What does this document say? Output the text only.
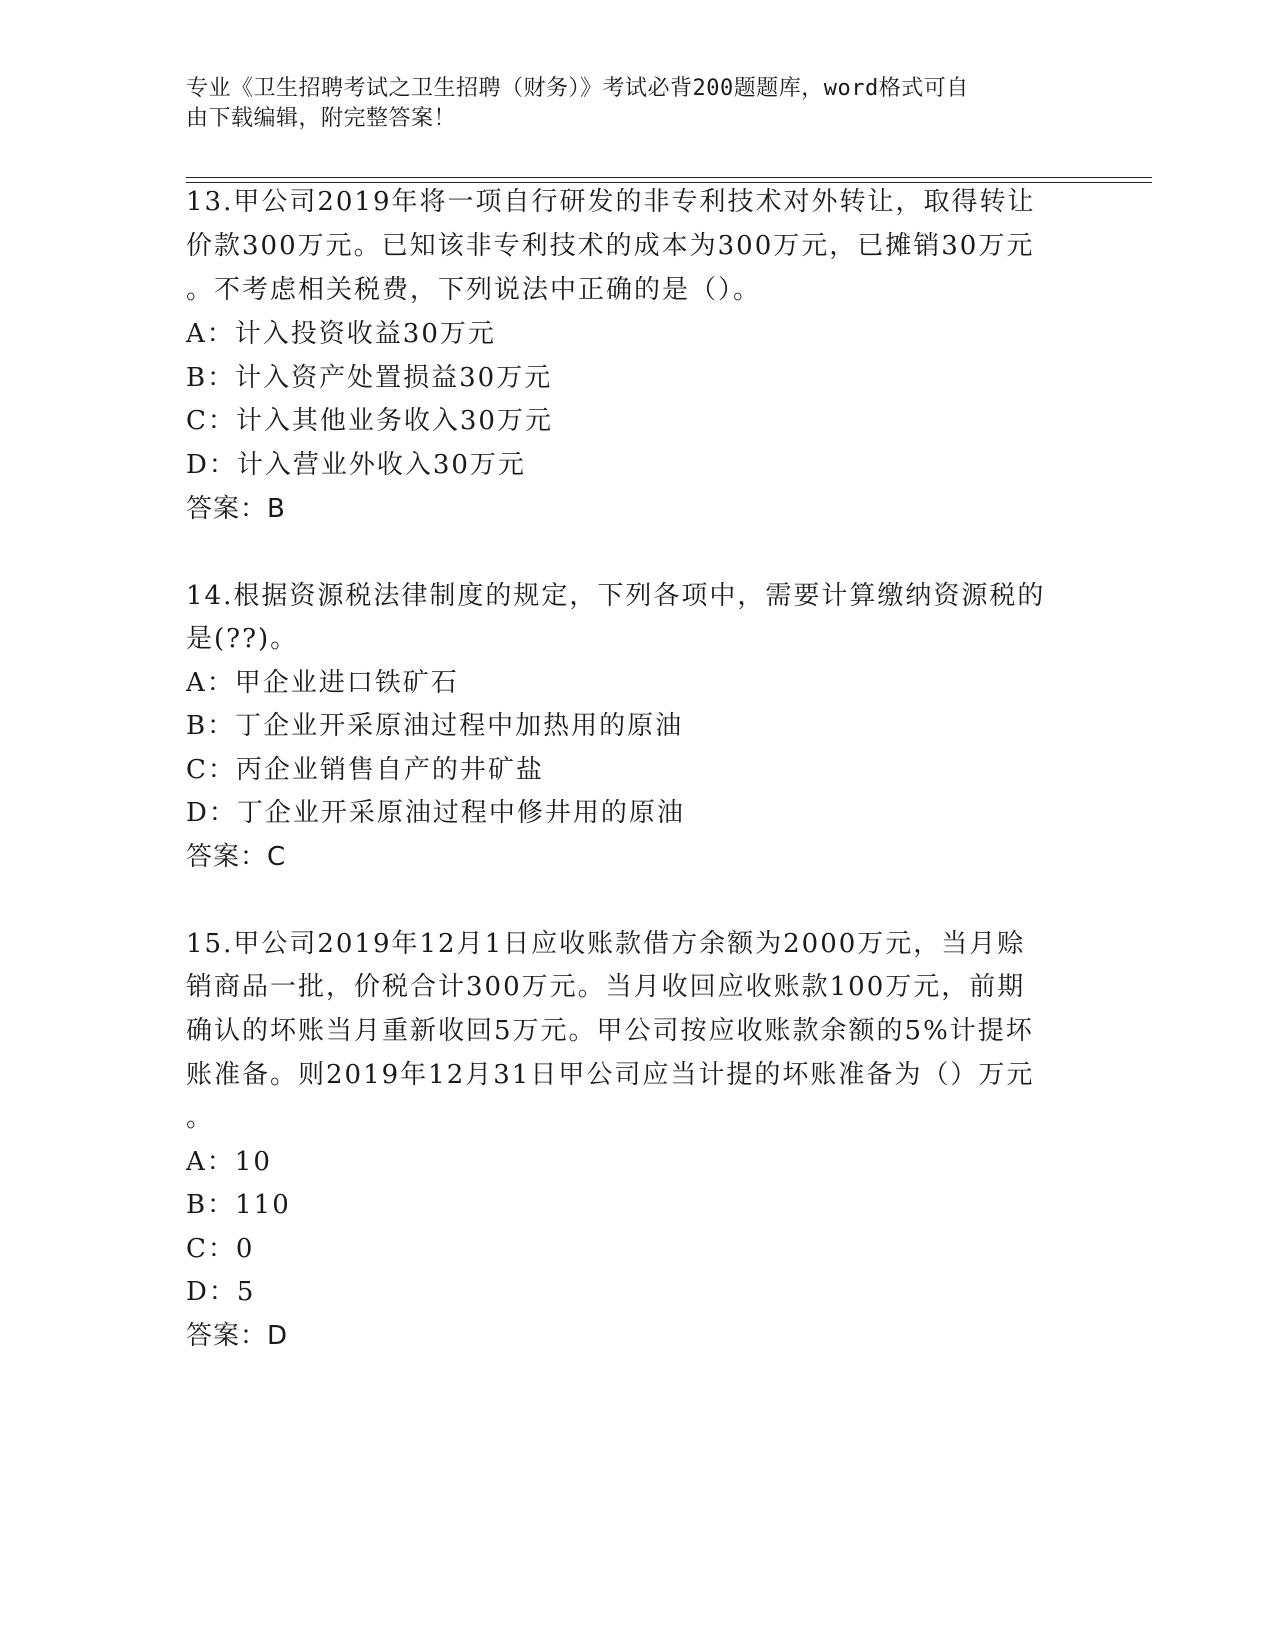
专业《卫生招聘考试之卫生招聘（财务）》考试必背200题题库，word格式可自
由下载编辑，附完整答案！
13.甲公司2019年将一项自行研发的非专利技术对外转让，取得转让
价款300万元。已知该非专利技术的成本为300万元，已摊销30万元
。不考虑相关税费，下列说法中正确的是（）。
A：计入投资收益30万元
B：计入资产处置损益30万元
C：计入其他业务收入30万元
D：计入营业外收入30万元
答案：B
14.根据资源税法律制度的规定，下列各项中，需要计算缴纳资源税的
是(??)。
A：甲企业进口铁矿石
B：丁企业开采原油过程中加热用的原油
C：丙企业销售自产的井矿盐
D：丁企业开采原油过程中修井用的原油
答案：C
15.甲公司2019年12月1日应收账款借方余额为2000万元，当月赊
销商品一批，价税合计300万元。当月收回应收账款100万元，前期
确认的坏账当月重新收回5万元。甲公司按应收账款余额的5%计提坏
账准备。则2019年12月31日甲公司应当计提的坏账准备为（）万元
。
A：10
B：110
C：0
D：5
答案：D
